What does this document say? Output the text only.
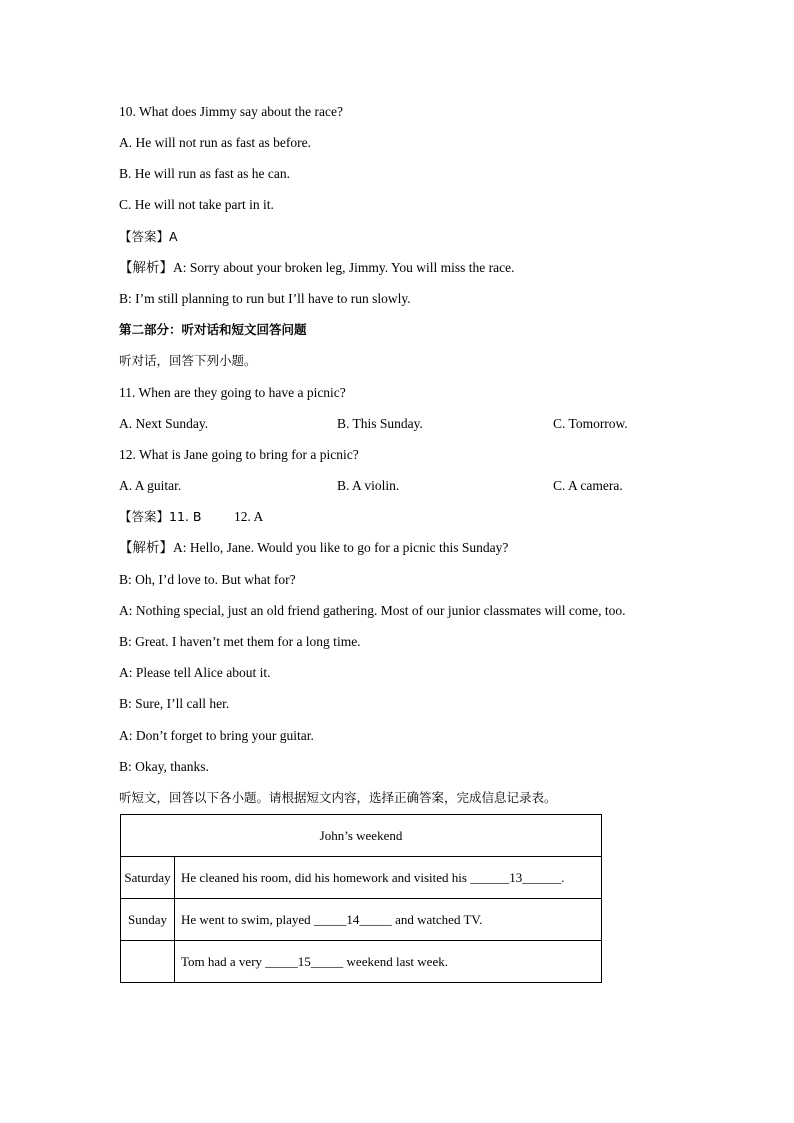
10. What does Jimmy say about the race?
A. He will not run as fast as before.
B. He will run as fast as he can.
C. He will not take part in it.
【答案】A
【解析】A: Sorry about your broken leg, Jimmy. You will miss the race.
B: I’m still planning to run but I’ll have to run slowly.
第二部分：听对话和短文回答问题
听对话，回答下列小题。
11. When are they going to have a picnic?
A. Next Sunday.	B. This Sunday.	C. Tomorrow.
12. What is Jane going to bring for a picnic?
A. A guitar.	B. A violin.	C. A camera.
【答案】11. B 12. A
【解析】A: Hello, Jane. Would you like to go for a picnic this Sunday?
B: Oh, I’d love to. But what for?
A: Nothing special, just an old friend gathering. Most of our junior classmates will come, too.
B: Great. I haven’t met them for a long time.
A: Please tell Alice about it.
B: Sure, I’ll call her.
A: Don’t forget to bring your guitar.
B: Okay, thanks.
听短文，回答以下各小题。请根据短文内容，选择正确答案，完成信息记录表。
John’s weekend	
Saturday	He cleaned his room, did his homework and visited his ______13______.
Sunday	He went to swim, played _____14_____ and watched TV.
	Tom had a very _____15_____ weekend last week.
